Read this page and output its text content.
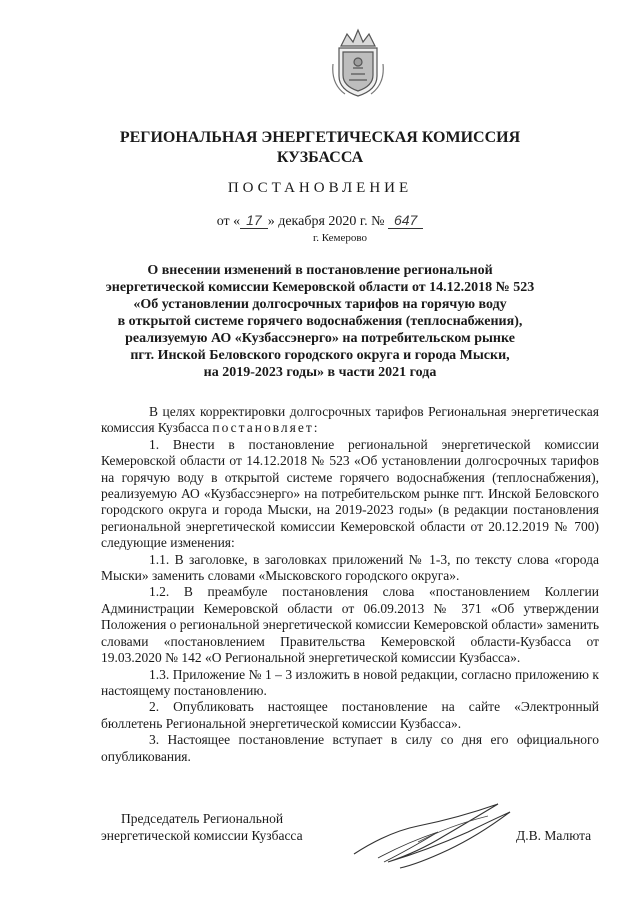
РЕГИОНАЛЬНАЯ ЭНЕРГЕТИЧЕСКАЯ КОМИССИЯ
КУЗБАССА
ПОСТАНОВЛЕНИЕ
от « 17 » декабря 2020 г. № 647
г. Кемерово
О внесении изменений в постановление региональной
энергетической комиссии Кемеровской области от 14.12.2018 № 523
«Об установлении долгосрочных тарифов на горячую воду
в открытой системе горячего водоснабжения (теплоснабжения),
реализуемую АО «Кузбассэнерго» на потребительском рынке
пгт. Инской Беловского городского округа и города Мыски,
на 2019-2023 годы» в части 2021 года

В целях корректировки долгосрочных тарифов Региональная энергетическая комиссия Кузбасса постановляет:

1. Внести в постановление региональной энергетической комиссии Кемеровской области от 14.12.2018 № 523 «Об установлении долгосрочных тарифов на горячую воду в открытой системе горячего водоснабжения (теплоснабжения), реализуемую АО «Кузбассэнерго» на потребительском рынке пгт. Инской Беловского городского округа и города Мыски, на 2019-2023 годы» (в редакции постановления региональной энергетической комиссии Кемеровской области от 20.12.2019 № 700) следующие изменения:

1.1. В заголовке, в заголовках приложений № 1-3, по тексту слова «города Мыски» заменить словами «Мысковского городского округа».

1.2. В преамбуле постановления слова «постановлением Коллегии Администрации Кемеровской области от 06.09.2013 № 371 «Об утверждении Положения о региональной энергетической комиссии Кемеровской области» заменить словами «постановлением Правительства Кемеровской области-Кузбасса от 19.03.2020 № 142 «О Региональной энергетической комиссии Кузбасса».

1.3. Приложение № 1 – 3 изложить в новой редакции, согласно приложению к настоящему постановлению.

2. Опубликовать настоящее постановление на сайте «Электронный бюллетень Региональной энергетической комиссии Кузбасса».

3. Настоящее постановление вступает в силу со дня его официального опубликования.

Председатель Региональной
энергетической комиссии Кузбасса	Д.В. Малюта
